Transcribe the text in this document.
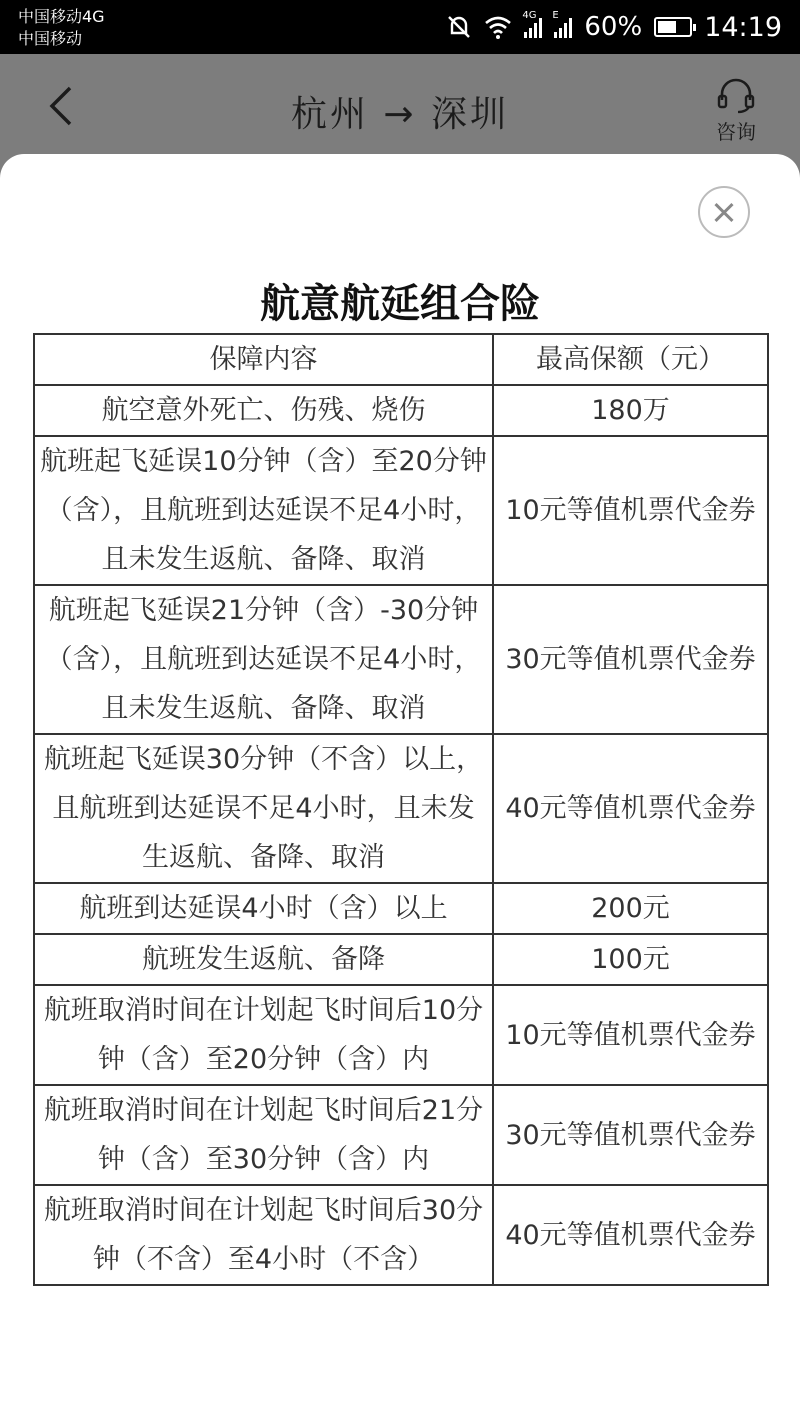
中国移动4G
中国移动
4G E 60% 14:19
杭州 → 深圳	咨询
航意航延组合险
保障内容	最高保额（元）
航空意外死亡、伤残、烧伤	180万
航班起飞延误10分钟（含）至20分钟（含），且航班到达延误不足4小时，且未发生返航、备降、取消	10元等值机票代金券
航班起飞延误21分钟（含）-30分钟（含），且航班到达延误不足4小时，且未发生返航、备降、取消	30元等值机票代金券
航班起飞延误30分钟（不含）以上，且航班到达延误不足4小时，且未发生返航、备降、取消	40元等值机票代金券
航班到达延误4小时（含）以上	200元
航班发生返航、备降	100元
航班取消时间在计划起飞时间后10分钟（含）至20分钟（含）内	10元等值机票代金券
航班取消时间在计划起飞时间后21分钟（含）至30分钟（含）内	30元等值机票代金券
航班取消时间在计划起飞时间后30分钟（不含）至4小时（不含）	40元等值机票代金券
